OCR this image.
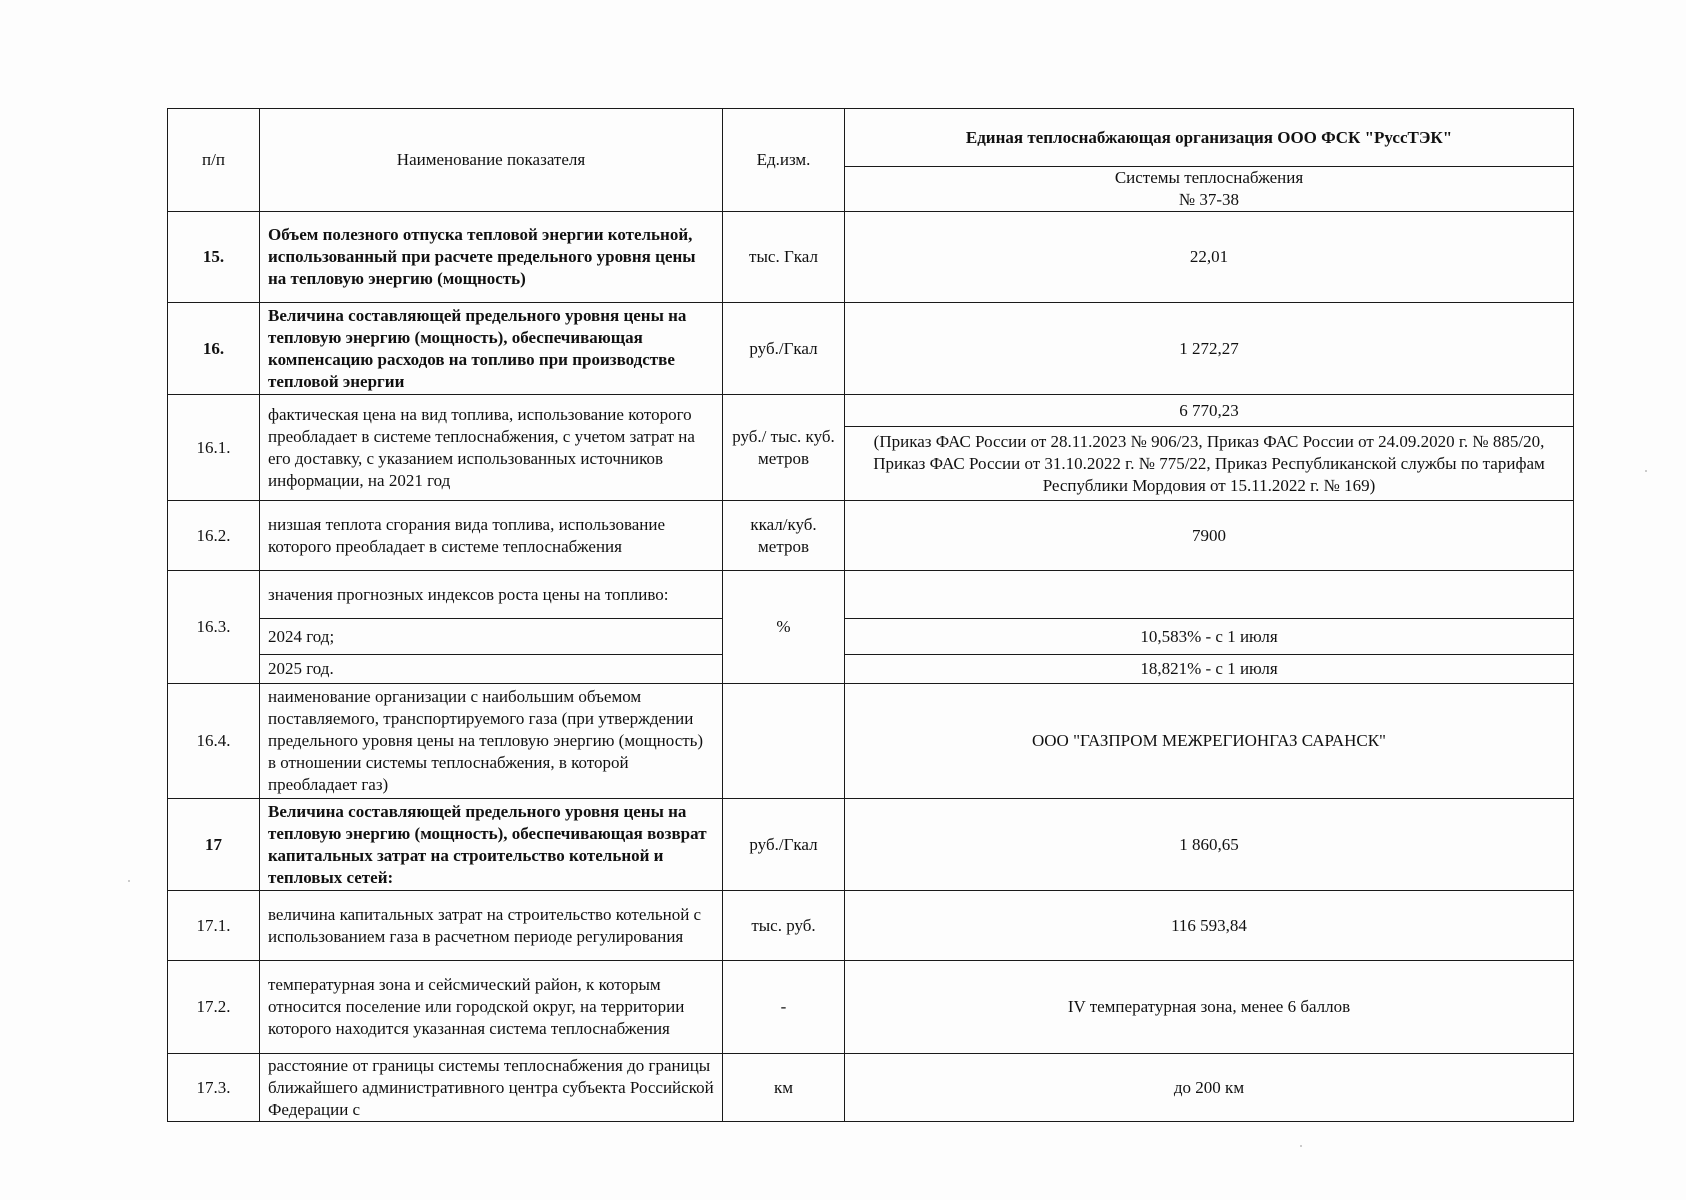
п/п	Наименование показателя	Ед.изм.	Единая теплоснабжающая организация ООО ФСК "РуссТЭК"

			Системы теплоснабжения
№ 37-38

15.	Объем полезного отпуска тепловой энергии котельной, использованный при расчете предельного уровня цены на тепловую энергию (мощность)	тыс. Гкал	22,01
16.	Величина составляющей предельного уровня цены на тепловую энергию (мощность), обеспечивающая компенсацию расходов на топливо при производстве тепловой энергии	руб./Гкал	1 272,27
16.1.	фактическая цена на вид топлива, использование которого преобладает в системе теплоснабжения, с учетом затрат на его доставку, с указанием использованных источников информации, на 2021 год	руб./ тыс. куб. метров	6 770,23
			(Приказ ФАС России от 28.11.2023 № 906/23, Приказ ФАС России от 24.09.2020 г. № 885/20, Приказ ФАС России от 31.10.2022 г. № 775/22, Приказ Республиканской службы по тарифам Республики Мордовия от 15.11.2022 г. № 169)
16.2.	низшая теплота сгорания вида топлива, использование которого преобладает в системе теплоснабжения	ккал/куб. метров	7900
16.3.	значения прогнозных индексов роста цены на топливо:	%	
	2024 год;		10,583% - с 1 июля
	2025 год.		18,821% - с 1 июля
16.4.	наименование организации с наибольшим объемом поставляемого, транспортируемого газа (при утверждении предельного уровня цены на тепловую энергию (мощность) в отношении системы теплоснабжения, в которой преобладает газ)		ООО "ГАЗПРОМ МЕЖРЕГИОНГАЗ САРАНСК"
17	Величина составляющей предельного уровня цены на тепловую энергию (мощность), обеспечивающая возврат капитальных затрат на строительство котельной и тепловых сетей:	руб./Гкал	1 860,65
17.1.	величина капитальных затрат на строительство котельной с использованием газа в расчетном периоде регулирования	тыс. руб.	116 593,84
17.2.	температурная зона и сейсмический район, к которым относится поселение или городской округ, на территории которого находится указанная система теплоснабжения	-	IV температурная зона, менее 6 баллов
17.3.	расстояние от границы системы теплоснабжения до границы ближайшего административного центра субъекта Российской Федерации с	км	до 200 км
